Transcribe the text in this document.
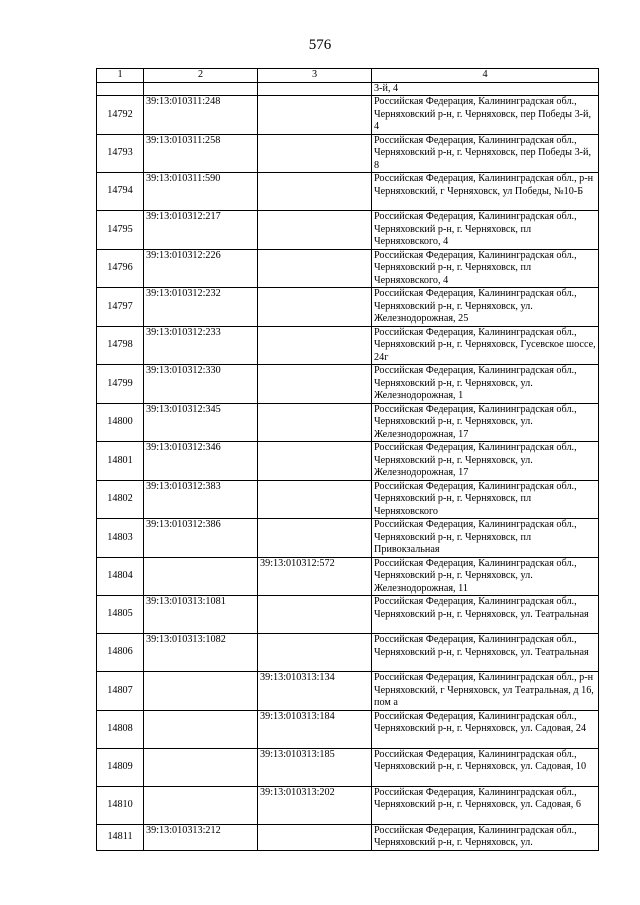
576
1	2	3	4
			3-й, 4
14792	39:13:010311:248		Российская Федерация, Калининградская обл., Черняховский р-н, г. Черняховск, пер Победы 3-й, 4
14793	39:13:010311:258		Российская Федерация, Калининградская обл., Черняховский р-н, г. Черняховск, пер Победы 3-й, 8
14794	39:13:010311:590		Российская Федерация, Калининградская обл., р-н Черняховский, г Черняховск, ул Победы, №10-Б
14795	39:13:010312:217		Российская Федерация, Калининградская обл., Черняховский р-н, г. Черняховск, пл Черняховского, 4
14796	39:13:010312:226		Российская Федерация, Калининградская обл., Черняховский р-н, г. Черняховск, пл Черняховского, 4
14797	39:13:010312:232		Российская Федерация, Калининградская обл., Черняховский р-н, г. Черняховск, ул. Железнодорожная, 25
14798	39:13:010312:233		Российская Федерация, Калининградская обл., Черняховский р-н, г. Черняховск, Гусевское шоссе, 24г
14799	39:13:010312:330		Российская Федерация, Калининградская обл., Черняховский р-н, г. Черняховск, ул. Железнодорожная, 1
14800	39:13:010312:345		Российская Федерация, Калининградская обл., Черняховский р-н, г. Черняховск, ул. Железнодорожная, 17
14801	39:13:010312:346		Российская Федерация, Калининградская обл., Черняховский р-н, г. Черняховск, ул. Железнодорожная, 17
14802	39:13:010312:383		Российская Федерация, Калининградская обл., Черняховский р-н, г. Черняховск, пл Черняховского
14803	39:13:010312:386		Российская Федерация, Калининградская обл., Черняховский р-н, г. Черняховск, пл Привокзальная
14804		39:13:010312:572	Российская Федерация, Калининградская обл., Черняховский р-н, г. Черняховск, ул. Железнодорожная, 11
14805	39:13:010313:1081		Российская Федерация, Калининградская обл., Черняховский р-н, г. Черняховск, ул. Театральная
14806	39:13:010313:1082		Российская Федерация, Калининградская обл., Черняховский р-н, г. Черняховск, ул. Театральная
14807		39:13:010313:134	Российская Федерация, Калининградская обл., р-н Черняховский, г Черняховск, ул Театральная, д 16, пом а
14808		39:13:010313:184	Российская Федерация, Калининградская обл., Черняховский р-н, г. Черняховск, ул. Садовая, 24
14809		39:13:010313:185	Российская Федерация, Калининградская обл., Черняховский р-н, г. Черняховск, ул. Садовая, 10
14810		39:13:010313:202	Российская Федерация, Калининградская обл., Черняховский р-н, г. Черняховск, ул. Садовая, 6
14811	39:13:010313:212		Российская Федерация, Калининградская обл., Черняховский р-н, г. Черняховск, ул.
